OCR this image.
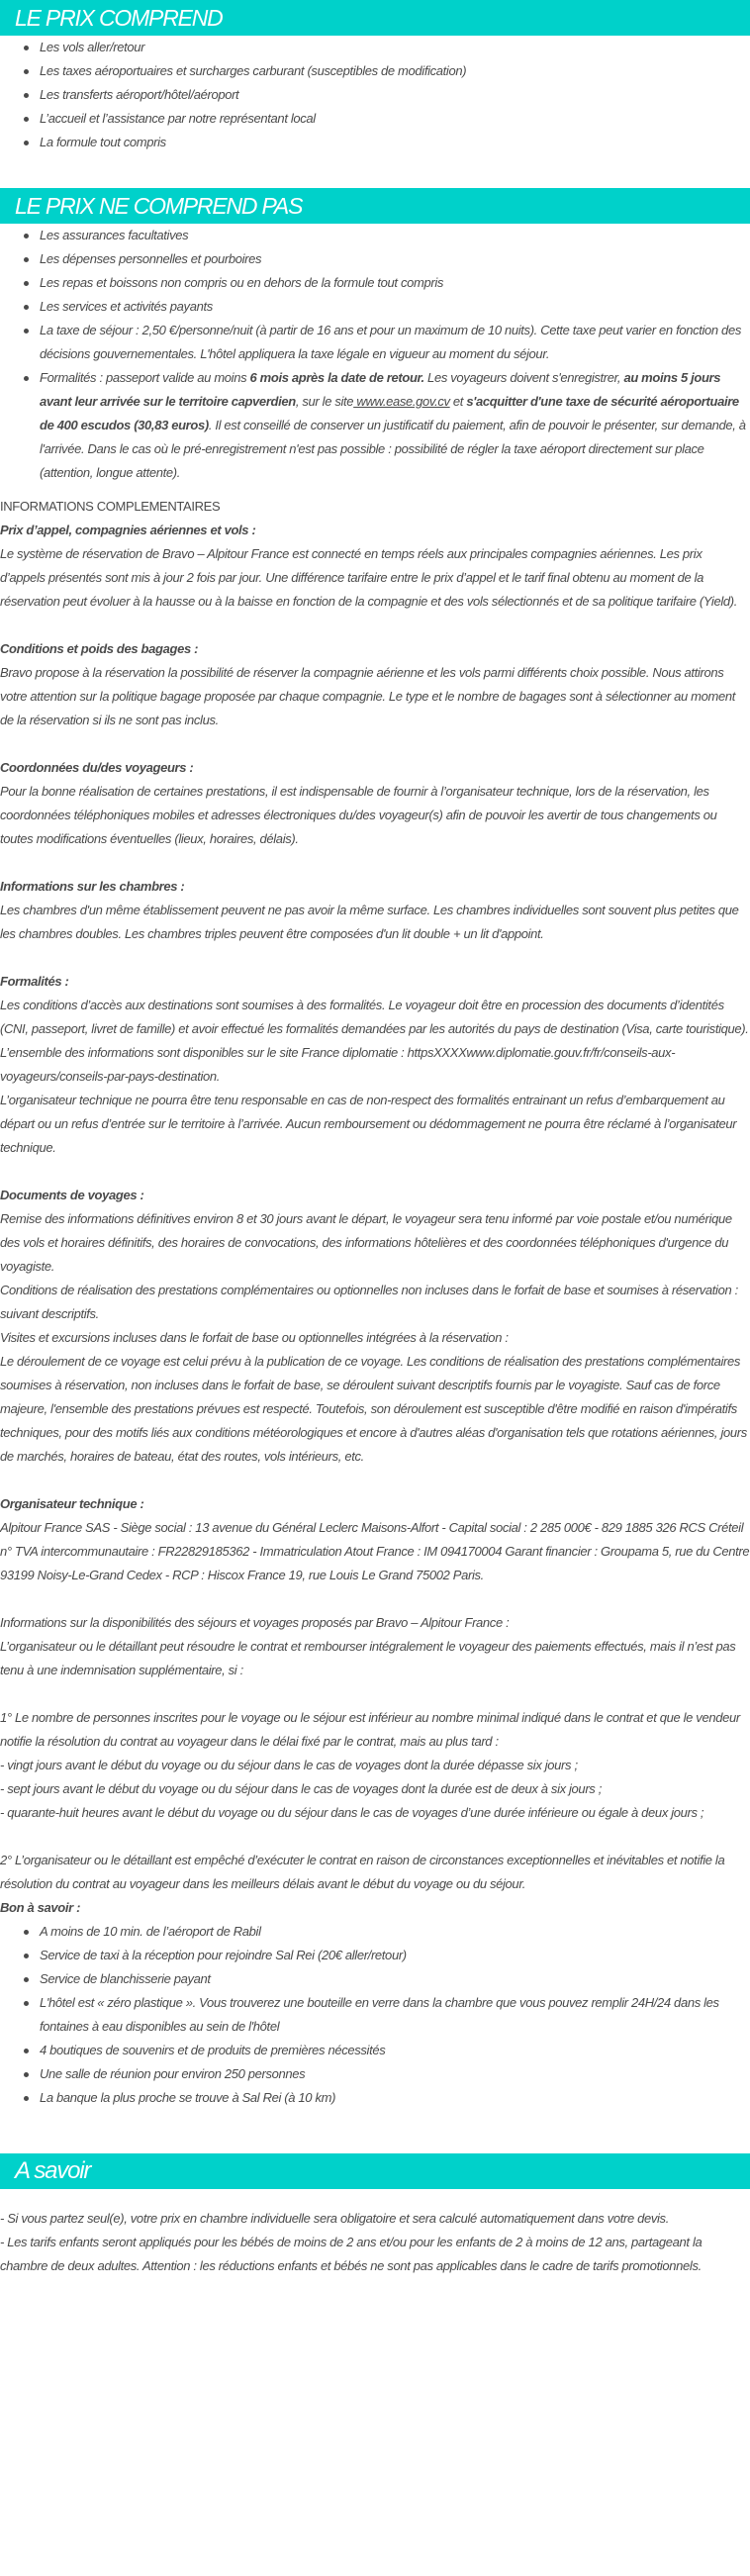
LE PRIX COMPREND
Les vols aller/retour
Les taxes aéroportuaires et surcharges carburant (susceptibles de modification)
Les transferts aéroport/hôtel/aéroport
L’accueil et l’assistance par notre représentant local
La formule tout compris
LE PRIX NE COMPREND PAS
Les assurances facultatives
Les dépenses personnelles et pourboires
Les repas et boissons non compris ou en dehors de la formule tout compris
Les services et activités payants
La taxe de séjour : 2,50 €/personne/nuit (à partir de 16 ans et pour un maximum de 10 nuits). Cette taxe peut varier en fonction des décisions gouvernementales. L'hôtel appliquera la taxe légale en vigueur au moment du séjour.
Formalités : passeport valide au moins 6 mois après la date de retour. Les voyageurs doivent s'enregistrer, au moins 5 jours avant leur arrivée sur le territoire capverdien, sur le site www.ease.gov.cv et s'acquitter d'une taxe de sécurité aéroportuaire de 400 escudos (30,83 euros). Il est conseillé de conserver un justificatif du paiement, afin de pouvoir le présenter, sur demande, à l'arrivée. Dans le cas où le pré-enregistrement n'est pas possible : possibilité de régler la taxe aéroport directement sur place (attention, longue attente).

INFORMATIONS COMPLEMENTAIRES

Prix d’appel, compagnies aériennes et vols :

Le système de réservation de Bravo – Alpitour France est connecté en temps réels aux principales compagnies aériennes. Les prix d’appels présentés sont mis à jour 2 fois par jour. Une différence tarifaire entre le prix d’appel et le tarif final obtenu au moment de la réservation peut évoluer à la hausse ou à la baisse en fonction de la compagnie et des vols sélectionnés et de sa politique tarifaire (Yield).

Conditions et poids des bagages :

Bravo propose à la réservation la possibilité de réserver la compagnie aérienne et les vols parmi différents choix possible. Nous attirons votre attention sur la politique bagage proposée par chaque compagnie. Le type et le nombre de bagages sont à sélectionner au moment de la réservation si ils ne sont pas inclus.

Coordonnées du/des voyageurs :

Pour la bonne réalisation de certaines prestations, il est indispensable de fournir à l’organisateur technique, lors de la réservation, les coordonnées téléphoniques mobiles et adresses électroniques du/des voyageur(s) afin de pouvoir les avertir de tous changements ou toutes modifications éventuelles (lieux, horaires, délais).

Informations sur les chambres :

Les chambres d'un même établissement peuvent ne pas avoir la même surface. Les chambres individuelles sont souvent plus petites que les chambres doubles. Les chambres triples peuvent être composées d'un lit double + un lit d'appoint.

Formalités :

Les conditions d’accès aux destinations sont soumises à des formalités. Le voyageur doit être en procession des documents d’identités (CNI, passeport, livret de famille) et avoir effectué les formalités demandées par les autorités du pays de destination (Visa, carte touristique). L’ensemble des informations sont disponibles sur le site France diplomatie : httpsXXXXwww.diplomatie.gouv.fr/fr/conseils-aux-voyageurs/conseils-par-pays-destination.

L’organisateur technique ne pourra être tenu responsable en cas de non-respect des formalités entrainant un refus d’embarquement au départ ou un refus d’entrée sur le territoire à l’arrivée. Aucun remboursement ou dédommagement ne pourra être réclamé à l’organisateur technique.

Documents de voyages :

Remise des informations définitives environ 8 et 30 jours avant le départ, le voyageur sera tenu informé par voie postale et/ou numérique des vols et horaires définitifs, des horaires de convocations, des informations hôtelières et des coordonnées téléphoniques d'urgence du voyagiste.

Conditions de réalisation des prestations complémentaires ou optionnelles non incluses dans le forfait de base et soumises à réservation : suivant descriptifs.

Visites et excursions incluses dans le forfait de base ou optionnelles intégrées à la réservation :

Le déroulement de ce voyage est celui prévu à la publication de ce voyage. Les conditions de réalisation des prestations complémentaires soumises à réservation, non incluses dans le forfait de base, se déroulent suivant descriptifs fournis par le voyagiste. Sauf cas de force majeure, l'ensemble des prestations prévues est respecté. Toutefois, son déroulement est susceptible d'être modifié en raison d'impératifs techniques, pour des motifs liés aux conditions météorologiques et encore à d'autres aléas d'organisation tels que rotations aériennes, jours de marchés, horaires de bateau, état des routes, vols intérieurs, etc.

Organisateur technique :

Alpitour France SAS - Siège social : 13 avenue du Général Leclerc Maisons-Alfort - Capital social : 2 285 000€ - 829 1885 326 RCS Créteil n° TVA intercommunautaire : FR22829185362 - Immatriculation Atout France : IM 094170004 Garant financier : Groupama 5, rue du Centre 93199 Noisy-Le-Grand Cedex - RCP : Hiscox France 19, rue Louis Le Grand 75002 Paris.

Informations sur la disponibilités des séjours et voyages proposés par Bravo – Alpitour France :

L’organisateur ou le détaillant peut résoudre le contrat et rembourser intégralement le voyageur des paiements effectués, mais il n’est pas tenu à une indemnisation supplémentaire, si :

1° Le nombre de personnes inscrites pour le voyage ou le séjour est inférieur au nombre minimal indiqué dans le contrat et que le vendeur notifie la résolution du contrat au voyageur dans le délai fixé par le contrat, mais au plus tard :

- vingt jours avant le début du voyage ou du séjour dans le cas de voyages dont la durée dépasse six jours ;

- sept jours avant le début du voyage ou du séjour dans le cas de voyages dont la durée est de deux à six jours ;

- quarante-huit heures avant le début du voyage ou du séjour dans le cas de voyages d’une durée inférieure ou égale à deux jours ;

2° L’organisateur ou le détaillant est empêché d’exécuter le contrat en raison de circonstances exceptionnelles et inévitables et notifie la résolution du contrat au voyageur dans les meilleurs délais avant le début du voyage ou du séjour.

Bon à savoir :

A moins de 10 min. de l’aéroport de Rabil
Service de taxi à la réception pour rejoindre Sal Rei (20€ aller/retour)
Service de blanchisserie payant
L'hôtel est « zéro plastique ». Vous trouverez une bouteille en verre dans la chambre que vous pouvez remplir 24H/24 dans les fontaines à eau disponibles au sein de l'hôtel
4 boutiques de souvenirs et de produits de premières nécessités
Une salle de réunion pour environ 250 personnes
La banque la plus proche se trouve à Sal Rei (à 10 km)
A savoir

- Si vous partez seul(e), votre prix en chambre individuelle sera obligatoire et sera calculé automatiquement dans votre devis.

- Les tarifs enfants seront appliqués pour les bébés de moins de 2 ans et/ou pour les enfants de 2 à moins de 12 ans, partageant la chambre de deux adultes. Attention : les réductions enfants et bébés ne sont pas applicables dans le cadre de tarifs promotionnels.
